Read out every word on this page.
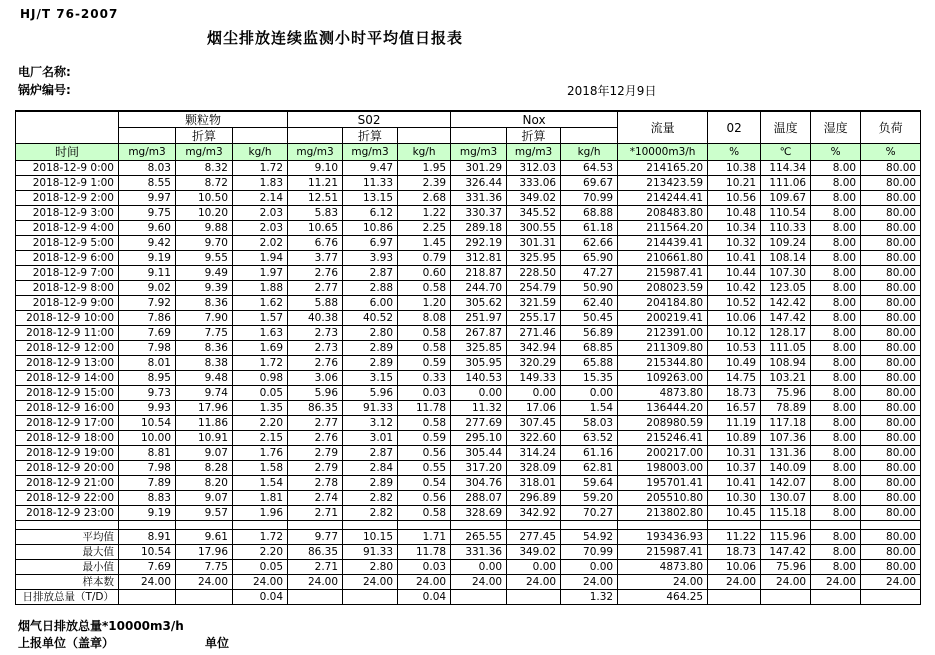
HJ/T 76-2007
烟尘排放连续监测小时平均值日报表
电厂名称:
锅炉编号:	2018年12月9日
	颗粒物			S02			Nox			流量	02	温度	湿度	负荷
		折算			折算			折算						
时间	mg/m3	mg/m3	kg/h	mg/m3	mg/m3	kg/h	mg/m3	mg/m3	kg/h	*10000m3/h	%	℃	%	%
2018-12-9 0:00	8.03	8.32	1.72	9.10	9.47	1.95	301.29	312.03	64.53	214165.20	10.38	114.34	8.00	80.00
2018-12-9 1:00	8.55	8.72	1.83	11.21	11.33	2.39	326.44	333.06	69.67	213423.59	10.21	111.06	8.00	80.00
2018-12-9 2:00	9.97	10.50	2.14	12.51	13.15	2.68	331.36	349.02	70.99	214244.41	10.56	109.67	8.00	80.00
2018-12-9 3:00	9.75	10.20	2.03	5.83	6.12	1.22	330.37	345.52	68.88	208483.80	10.48	110.54	8.00	80.00
2018-12-9 4:00	9.60	9.88	2.03	10.65	10.86	2.25	289.18	300.55	61.18	211564.20	10.34	110.33	8.00	80.00
2018-12-9 5:00	9.42	9.70	2.02	6.76	6.97	1.45	292.19	301.31	62.66	214439.41	10.32	109.24	8.00	80.00
2018-12-9 6:00	9.19	9.55	1.94	3.77	3.93	0.79	312.81	325.95	65.90	210661.80	10.41	108.14	8.00	80.00
2018-12-9 7:00	9.11	9.49	1.97	2.76	2.87	0.60	218.87	228.50	47.27	215987.41	10.44	107.30	8.00	80.00
2018-12-9 8:00	9.02	9.39	1.88	2.77	2.88	0.58	244.70	254.79	50.90	208023.59	10.42	123.05	8.00	80.00
2018-12-9 9:00	7.92	8.36	1.62	5.88	6.00	1.20	305.62	321.59	62.40	204184.80	10.52	142.42	8.00	80.00
2018-12-9 10:00	7.86	7.90	1.57	40.38	40.52	8.08	251.97	255.17	50.45	200219.41	10.06	147.42	8.00	80.00
2018-12-9 11:00	7.69	7.75	1.63	2.73	2.80	0.58	267.87	271.46	56.89	212391.00	10.12	128.17	8.00	80.00
2018-12-9 12:00	7.98	8.36	1.69	2.73	2.89	0.58	325.85	342.94	68.85	211309.80	10.53	111.05	8.00	80.00
2018-12-9 13:00	8.01	8.38	1.72	2.76	2.89	0.59	305.95	320.29	65.88	215344.80	10.49	108.94	8.00	80.00
2018-12-9 14:00	8.95	9.48	0.98	3.06	3.15	0.33	140.53	149.33	15.35	109263.00	14.75	103.21	8.00	80.00
2018-12-9 15:00	9.73	9.74	0.05	5.96	5.96	0.03	0.00	0.00	0.00	4873.80	18.73	75.96	8.00	80.00
2018-12-9 16:00	9.93	17.96	1.35	86.35	91.33	11.78	11.32	17.06	1.54	136444.20	16.57	78.89	8.00	80.00
2018-12-9 17:00	10.54	11.86	2.20	2.77	3.12	0.58	277.69	307.45	58.03	208980.59	11.19	117.18	8.00	80.00
2018-12-9 18:00	10.00	10.91	2.15	2.76	3.01	0.59	295.10	322.60	63.52	215246.41	10.89	107.36	8.00	80.00
2018-12-9 19:00	8.81	9.07	1.76	2.79	2.87	0.56	305.44	314.24	61.16	200217.00	10.31	131.36	8.00	80.00
2018-12-9 20:00	7.98	8.28	1.58	2.79	2.84	0.55	317.20	328.09	62.81	198003.00	10.37	140.09	8.00	80.00
2018-12-9 21:00	7.89	8.20	1.54	2.78	2.89	0.54	304.76	318.01	59.64	195701.41	10.41	142.07	8.00	80.00
2018-12-9 22:00	8.83	9.07	1.81	2.74	2.82	0.56	288.07	296.89	59.20	205510.80	10.30	130.07	8.00	80.00
2018-12-9 23:00	9.19	9.57	1.96	2.71	2.82	0.58	328.69	342.92	70.27	213802.80	10.45	115.18	8.00	80.00

平均值	8.91	9.61	1.72	9.77	10.15	1.71	265.55	277.45	54.92	193436.93	11.22	115.96	8.00	80.00
最大值	10.54	17.96	2.20	86.35	91.33	11.78	331.36	349.02	70.99	215987.41	18.73	147.42	8.00	80.00
最小值	7.69	7.75	0.05	2.71	2.80	0.03	0.00	0.00	0.00	4873.80	10.06	75.96	8.00	80.00
样本数	24.00	24.00	24.00	24.00	24.00	24.00	24.00	24.00	24.00	24.00	24.00	24.00	24.00	24.00
日排放总量（T/D）			0.04			0.04			1.32	464.25				
烟气日排放总量*10000m3/h
上报单位（盖章）	单位
